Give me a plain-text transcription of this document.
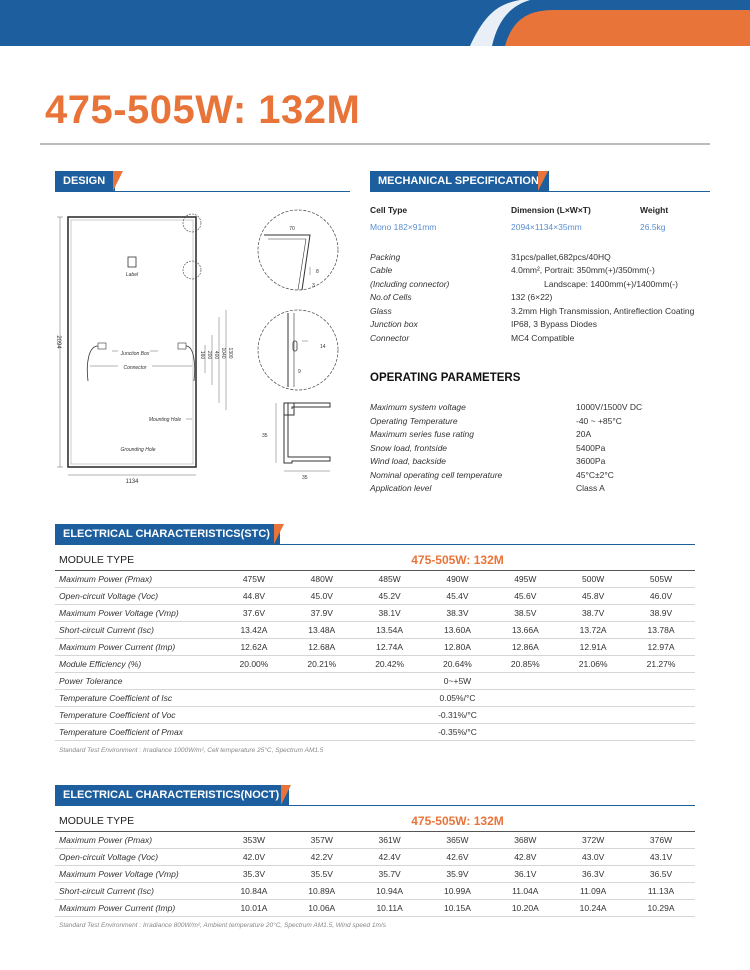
475-505W: 132M
DESIGN	MECHANICAL SPECIFICATION
2094
1134
Label
Junction Box
Connector
1300
1040
400
200
160
Mounting Hole
Grounding Hole
70
8
3
14
9
35
35
Cell Type	Dimension (L×W×T)	Weight
Mono 182×91mm	2094×1134×35mm	26.5kg
Packing	31pcs/pallet,682pcs/40HQ
Cable	4.0mm², Portrait: 350mm(+)/350mm(-)
(Including connector)	Landscape: 1400mm(+)/1400mm(-)
No.of Cells	132 (6×22)
Glass	3.2mm High Transmission, Antireflection Coating
Junction box	IP68, 3 Bypass Diodes
Connector	MC4 Compatible
OPERATING PARAMETERS
Maximum system voltage	1000V/1500V DC
Operating Temperature	-40 ~ +85°C
Maximum series fuse rating	20A
Snow load, frontside	5400Pa
Wind load, backside	3600Pa
Nominal operating cell temperature	45°C±2°C
Application level	Class A
ELECTRICAL CHARACTERISTICS(STC)
MODULE TYPE	475-505W: 132M						
Maximum Power (Pmax)	475W	480W	485W	490W	495W	500W	505W
Open-circuit Voltage (Voc)	44.8V	45.0V	45.2V	45.4V	45.6V	45.8V	46.0V
Maximum Power Voltage (Vmp)	37.6V	37.9V	38.1V	38.3V	38.5V	38.7V	38.9V
Short-circuit Current (Isc)	13.42A	13.48A	13.54A	13.60A	13.66A	13.72A	13.78A
Maximum Power Current (Imp)	12.62A	12.68A	12.74A	12.80A	12.86A	12.91A	12.97A
Module Efficiency (%)	20.00%	20.21%	20.42%	20.64%	20.85%	21.06%	21.27%
Power Tolerance	0~+5W						
Temperature Coefficient of Isc	0.05%/°C						
Temperature Coefficient of Voc	-0.31%/°C						
Temperature Coefficient of Pmax	-0.35%/°C						
Standard Test Environment : Irradiance 1000W/m², Cell temperature 25°C, Spectrum AM1.5
ELECTRICAL CHARACTERISTICS(NOCT)
MODULE TYPE	475-505W: 132M						
Maximum Power (Pmax)	353W	357W	361W	365W	368W	372W	376W
Open-circuit Voltage (Voc)	42.0V	42.2V	42.4V	42.6V	42.8V	43.0V	43.1V
Maximum Power Voltage (Vmp)	35.3V	35.5V	35.7V	35.9V	36.1V	36.3V	36.5V
Short-circuit Current (Isc)	10.84A	10.89A	10.94A	10.99A	11.04A	11.09A	11.13A
Maximum Power Current (Imp)	10.01A	10.06A	10.11A	10.15A	10.20A	10.24A	10.29A
Standard Test Environment : Irradiance 800W/m², Ambient temperature 20°C, Spectrum AM1.5, Wind speed 1m/s
